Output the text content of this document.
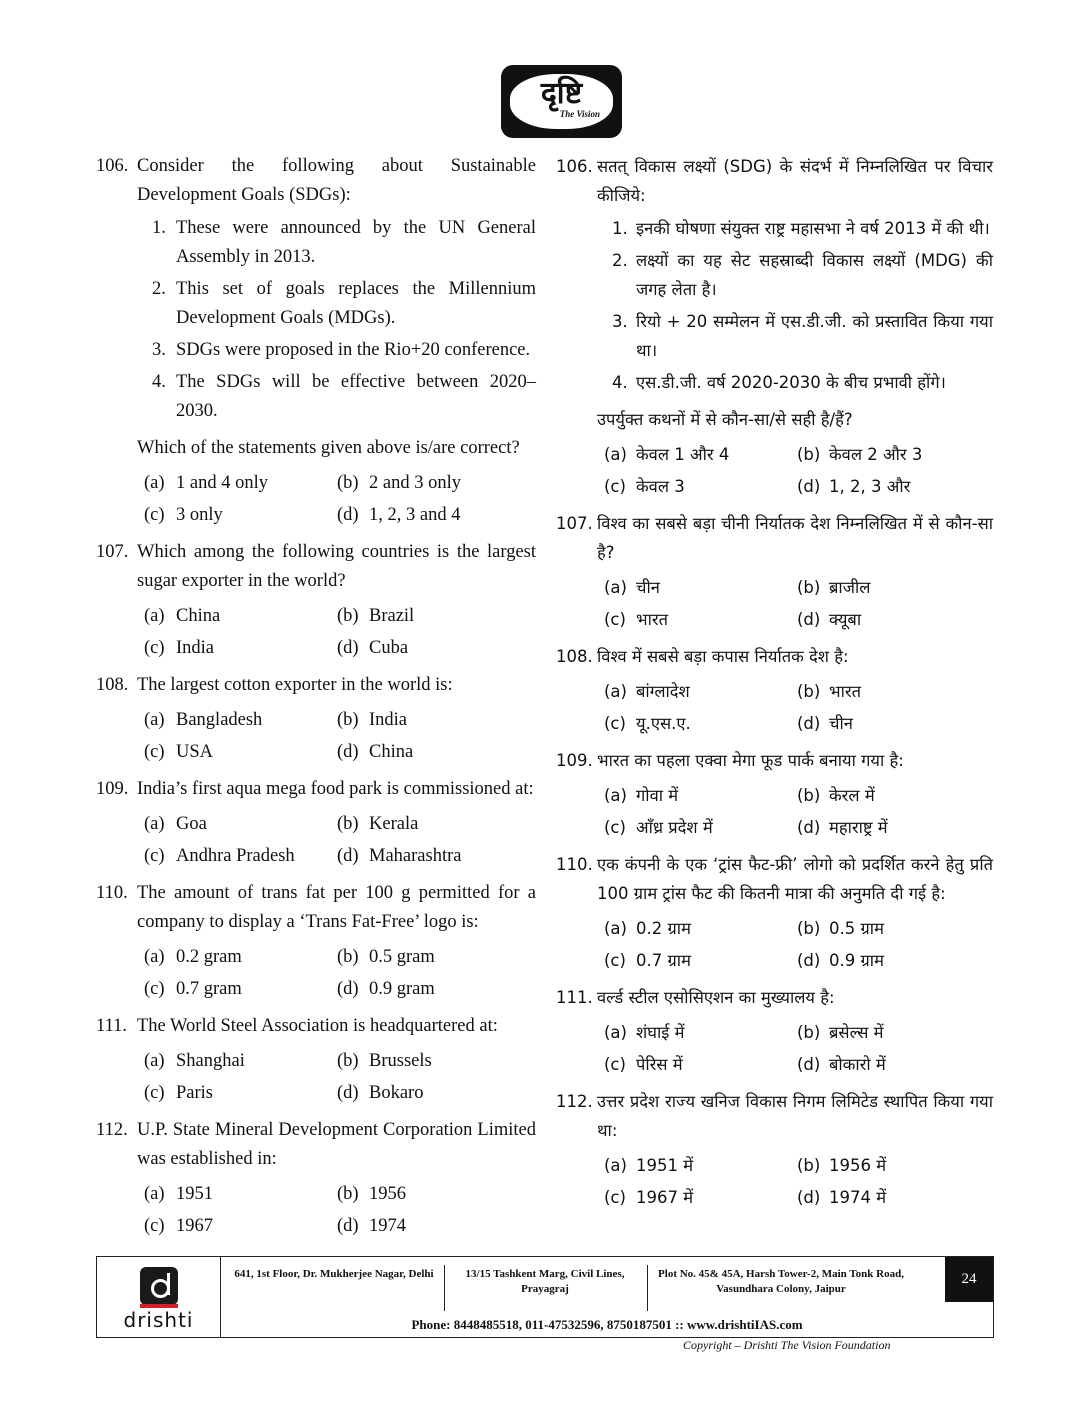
दृष्टि
The Vision
106. Consider the following about Sustainable Development Goals (SDGs):
1. These were announced by the UN General Assembly in 2013.
2. This set of goals replaces the Millennium Development Goals (MDGs).
3. SDGs were proposed in the Rio+20 conference.
4. The SDGs will be effective between 2020–2030.
Which of the statements given above is/are correct?
(a) 1 and 4 only	(b) 2 and 3 only
(c) 3 only	(d) 1, 2, 3 and 4
107. Which among the following countries is the largest sugar exporter in the world?
(a) China	(b) Brazil
(c) India	(d) Cuba
108. The largest cotton exporter in the world is:
(a) Bangladesh	(b) India
(c) USA	(d) China
109. India’s first aqua mega food park is commissioned at:
(a) Goa	(b) Kerala
(c) Andhra Pradesh	(d) Maharashtra
110. The amount of trans fat per 100 g permitted for a company to display a ‘Trans Fat-Free’ logo is:
(a) 0.2 gram	(b) 0.5 gram
(c) 0.7 gram	(d) 0.9 gram
111. The World Steel Association is headquartered at:
(a) Shanghai	(b) Brussels
(c) Paris	(d) Bokaro
112. U.P. State Mineral Development Corporation Limited was established in:
(a) 1951	(b) 1956
(c) 1967	(d) 1974
106. सतत् विकास लक्ष्यों (SDG) के संदर्भ में निम्नलिखित पर विचार कीजिये:
1. इनकी घोषणा संयुक्त राष्ट्र महासभा ने वर्ष 2013 में की थी।
2. लक्ष्यों का यह सेट सहस्राब्दी विकास लक्ष्यों (MDG) की जगह लेता है।
3. रियो + 20 सम्मेलन में एस.डी.जी. को प्रस्तावित किया गया था।
4. एस.डी.जी. वर्ष 2020-2030 के बीच प्रभावी होंगे।
उपर्युक्त कथनों में से कौन-सा/से सही है/हैं?
(a) केवल 1 और 4	(b) केवल 2 और 3
(c) केवल 3	(d) 1, 2, 3 और
107. विश्व का सबसे बड़ा चीनी निर्यातक देश निम्नलिखित में से कौन-सा है?
(a) चीन	(b) ब्राजील
(c) भारत	(d) क्यूबा
108. विश्व में सबसे बड़ा कपास निर्यातक देश है:
(a) बांग्लादेश	(b) भारत
(c) यू.एस.ए.	(d) चीन
109. भारत का पहला एक्वा मेगा फूड पार्क बनाया गया है:
(a) गोवा में	(b) केरल में
(c) आँध्र प्रदेश में	(d) महाराष्ट्र में
110. एक कंपनी के एक ‘ट्रांस फैट-फ्री’ लोगो को प्रदर्शित करने हेतु प्रति 100 ग्राम ट्रांस फैट की कितनी मात्रा की अनुमति दी गई है:
(a) 0.2 ग्राम	(b) 0.5 ग्राम
(c) 0.7 ग्राम	(d) 0.9 ग्राम
111. वर्ल्ड स्टील एसोसिएशन का मुख्यालय है:
(a) शंघाई में	(b) ब्रसेल्स में
(c) पेरिस में	(d) बोकारो में
112. उत्तर प्रदेश राज्य खनिज विकास निगम लिमिटेड स्थापित किया गया था:
(a) 1951 में	(b) 1956 में
(c) 1967 में	(d) 1974 में
drishti
641, 1st Floor, Dr. Mukherjee Nagar, Delhi	13/15 Tashkent Marg, Civil Lines, Prayagraj
Plot No. 45& 45A, Harsh Tower-2, Main Tonk Road, Vasundhara Colony, Jaipur
Phone: 8448485518, 011-47532596, 8750187501 :: www.drishtiIAS.com
24
Copyright – Drishti The Vision Foundation
